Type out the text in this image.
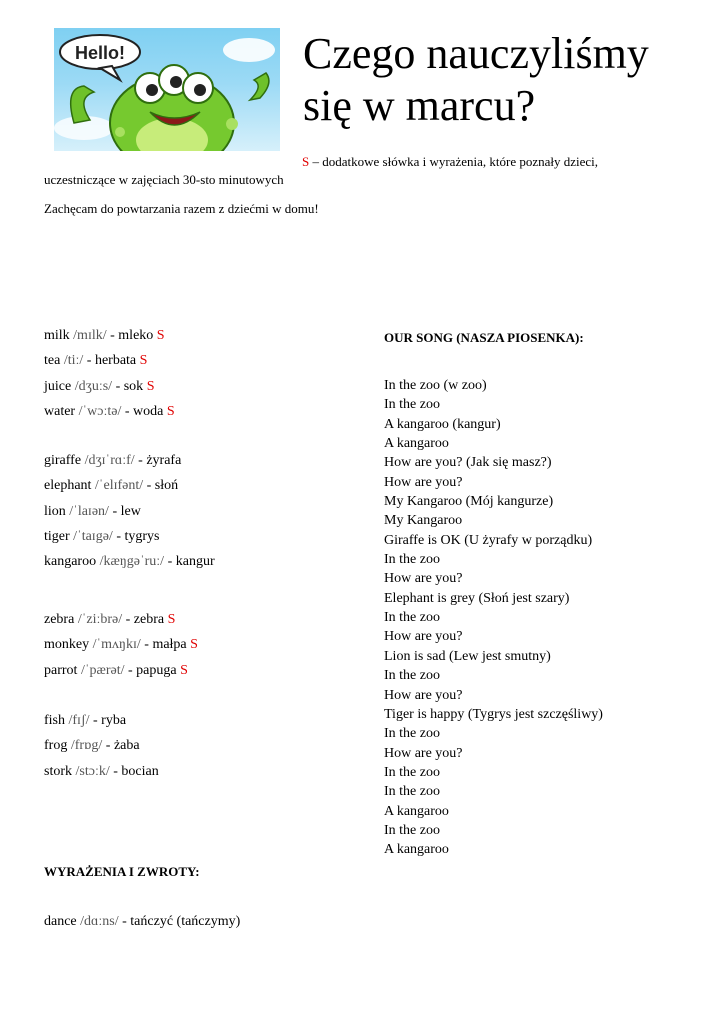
Hello!	Czego nauczyliśmy
się w marcu?
S – dodatkowe słówka i wyrażenia, które poznały dzieci,
uczestniczące w zajęciach 30-sto minutowych
Zachęcam do powtarzania razem z dziećmi w domu!
milk /mɪlk/ - mleko S
tea /tiː/ - herbata S
juice /dʒuːs/ - sok S
water /ˈwɔːtə/ - woda S
giraffe /dʒɪˈrɑːf/ - żyrafa
elephant /ˈelɪfənt/ - słoń
lion /ˈlaɪən/ - lew
tiger /ˈtaɪgə/ - tygrys
kangaroo /kæŋgəˈruː/ - kangur
zebra /ˈziːbrə/ - zebra S
monkey /ˈmʌŋkɪ/ - małpa S
parrot /ˈpærət/ - papuga S
fish /fɪʃ/ - ryba
frog /frɒg/ - żaba
stork /stɔːk/ - bocian
OUR SONG (NASZA PIOSENKA):
In the zoo (w zoo)
In the zoo
A kangaroo (kangur)
A kangaroo
How are you? (Jak się masz?)
How are you?
My Kangaroo (Mój kangurze)
My Kangaroo
Giraffe is OK (U żyrafy w porządku)
In the zoo
How are you?
Elephant is grey (Słoń jest szary)
In the zoo
How are you?
Lion is sad (Lew jest smutny)
In the zoo
How are you?
Tiger is happy (Tygrys jest szczęśliwy)
In the zoo
How are you?
In the zoo
In the zoo
A kangaroo
In the zoo
A kangaroo
WYRAŻENIA I ZWROTY:
dance /dɑːns/ - tańczyć (tańczymy)
